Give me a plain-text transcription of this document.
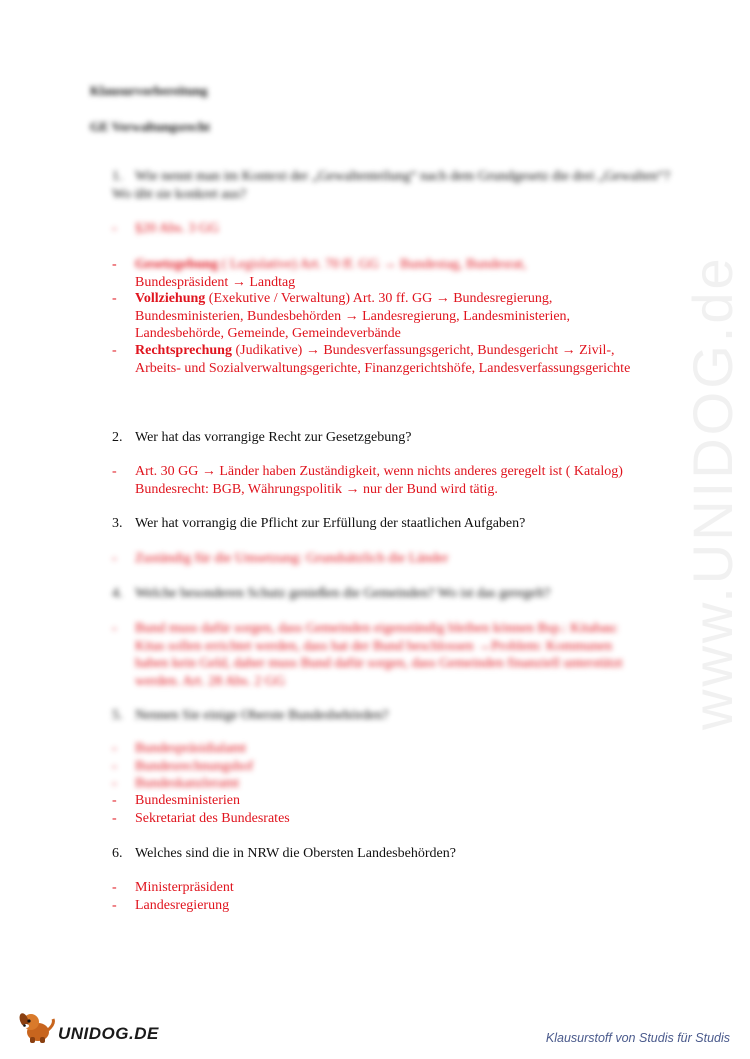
www.UNIDOG.de
Klausurvorbereitung
GE Verwaltungsrecht
1. Wie nennt man im Kontext der „Gewaltenteilung“ nach dem Grundgesetz die drei „Gewalten“? Wo übt sie konkret aus?
- §20 Abs. 3 GG
- Gesetzgebung ( Legislative) Art. 70 ff. GG → Bundestag, Bundesrat,
Bundespräsident → Landtag
- Vollziehung (Exekutive / Verwaltung) Art. 30 ff. GG → Bundesregierung, Bundesministerien, Bundesbehörden → Landesregierung, Landesministerien, Landesbehörde, Gemeinde, Gemeindeverbände
- Rechtsprechung (Judikative) → Bundesverfassungsgericht, Bundesgericht → Zivil-, Arbeits- und Sozialverwaltungsgerichte, Finanzgerichtshöfe, Landesverfassungsgerichte
2. Wer hat das vorrangige Recht zur Gesetzgebung?
- Art. 30 GG → Länder haben Zuständigkeit, wenn nichts anderes geregelt ist ( Katalog) Bundesrecht: BGB, Währungspolitik → nur der Bund wird tätig.
3. Wer hat vorrangig die Pflicht zur Erfüllung der staatlichen Aufgaben?
- Zuständig für die Umsetzung: Grundsätzlich die Länder
4. Welche besonderen Schutz genießen die Gemeinden? Wo ist das geregelt?
- Bund muss dafür sorgen, dass Gemeinden eigenständig bleiben können Bsp.: Kitabau: Kitas sollen errichtet werden, dass hat der Bund beschlossen →Problem: Kommunen haben kein Geld, daher muss Bund dafür sorgen, dass Gemeinden finanziell unterstützt werden. Art. 28 Abs. 2 GG
5. Nennen Sie einige Oberste Bundesbehörden?
- Bundespräsidialamt
- Bundesrechnungshof
- Bundeskanzleramt
- Bundesministerien
- Sekretariat des Bundesrates
6. Welches sind die in NRW die Obersten Landesbehörden?
- Ministerpräsident
- Landesregierung
UNIDOG.DE	Klausurstoff von Studis für Studis
